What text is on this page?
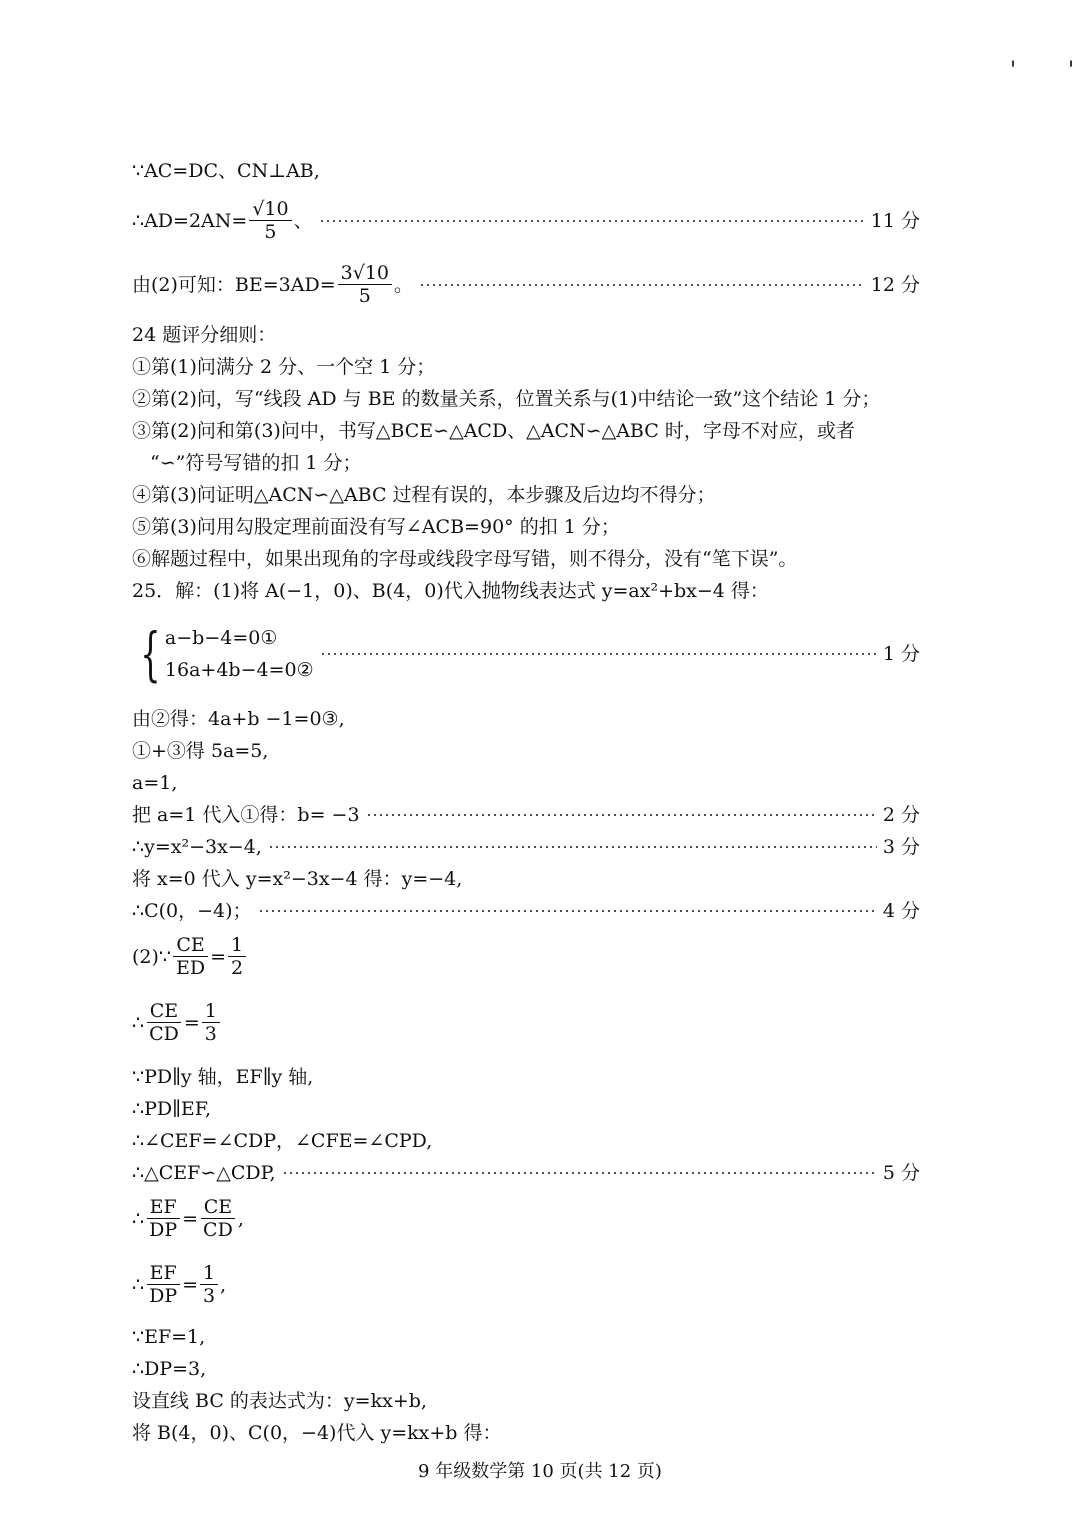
' '
∵AC=DC、CN⊥AB,
∴AD=2AN= $\frac{√10}{5}$ 、	11 分
由(2)可知：$BE=3AD= \frac{3√10}{5}$ 。	12 分
24 题评分细则：
①第(1)问满分 2 分、一个空 1 分；
②第(2)问，写“线段 AD 与 BE 的数量关系，位置关系与(1)中结论一致”这个结论 1 分；
③第(2)问和第(3)问中，书写△BCE∽△ACD、△ACN∽△ABC 时，字母不对应，或者
“∽”符号写错的扣 1 分；
④第(3)问证明△ACN∽△ABC 过程有误的，本步骤及后边均不得分；
⑤第(3)问用勾股定理前面没有写∠ACB=90° 的扣 1 分；
⑥解题过程中，如果出现角的字母或线段字母写错，则不得分，没有“笔下误”。
25．解：(1)将 A(−1，0)、B(4，0)代入抛物线表达式 y=ax²+bx−4 得：
{ a−b−4=0①
16a+4b−4=0②
1 分
由②得：4a+b −1=0③,
①+③得 5a=5,
a=1,
把 a=1 代入①得：b= −3	2 分
∴y=x²−3x−4,	3 分
将 x=0 代入 y=x²−3x−4 得：y=−4,
∴C(0，−4)；	4 分
(2)∵ $\frac{CE}{ED} = \frac{1}{2}$
∴ $\frac{CE}{CD} = \frac{1}{3}$
∵PD∥y 轴，EF∥y 轴,
∴PD∥EF,
∴∠CEF=∠CDP，∠CFE=∠CPD,
∴△CEF∽△CDP,	5 分
∴ $\frac{EF}{DP} = \frac{CE}{CD}$ ,
∴ $\frac{EF}{DP} = \frac{1}{3}$ ,
∵EF=1,
∴DP=3,
设直线 BC 的表达式为：y=kx+b,
将 B(4，0)、C(0，−4)代入 y=kx+b 得：
9 年级数学第 10 页(共 12 页)
